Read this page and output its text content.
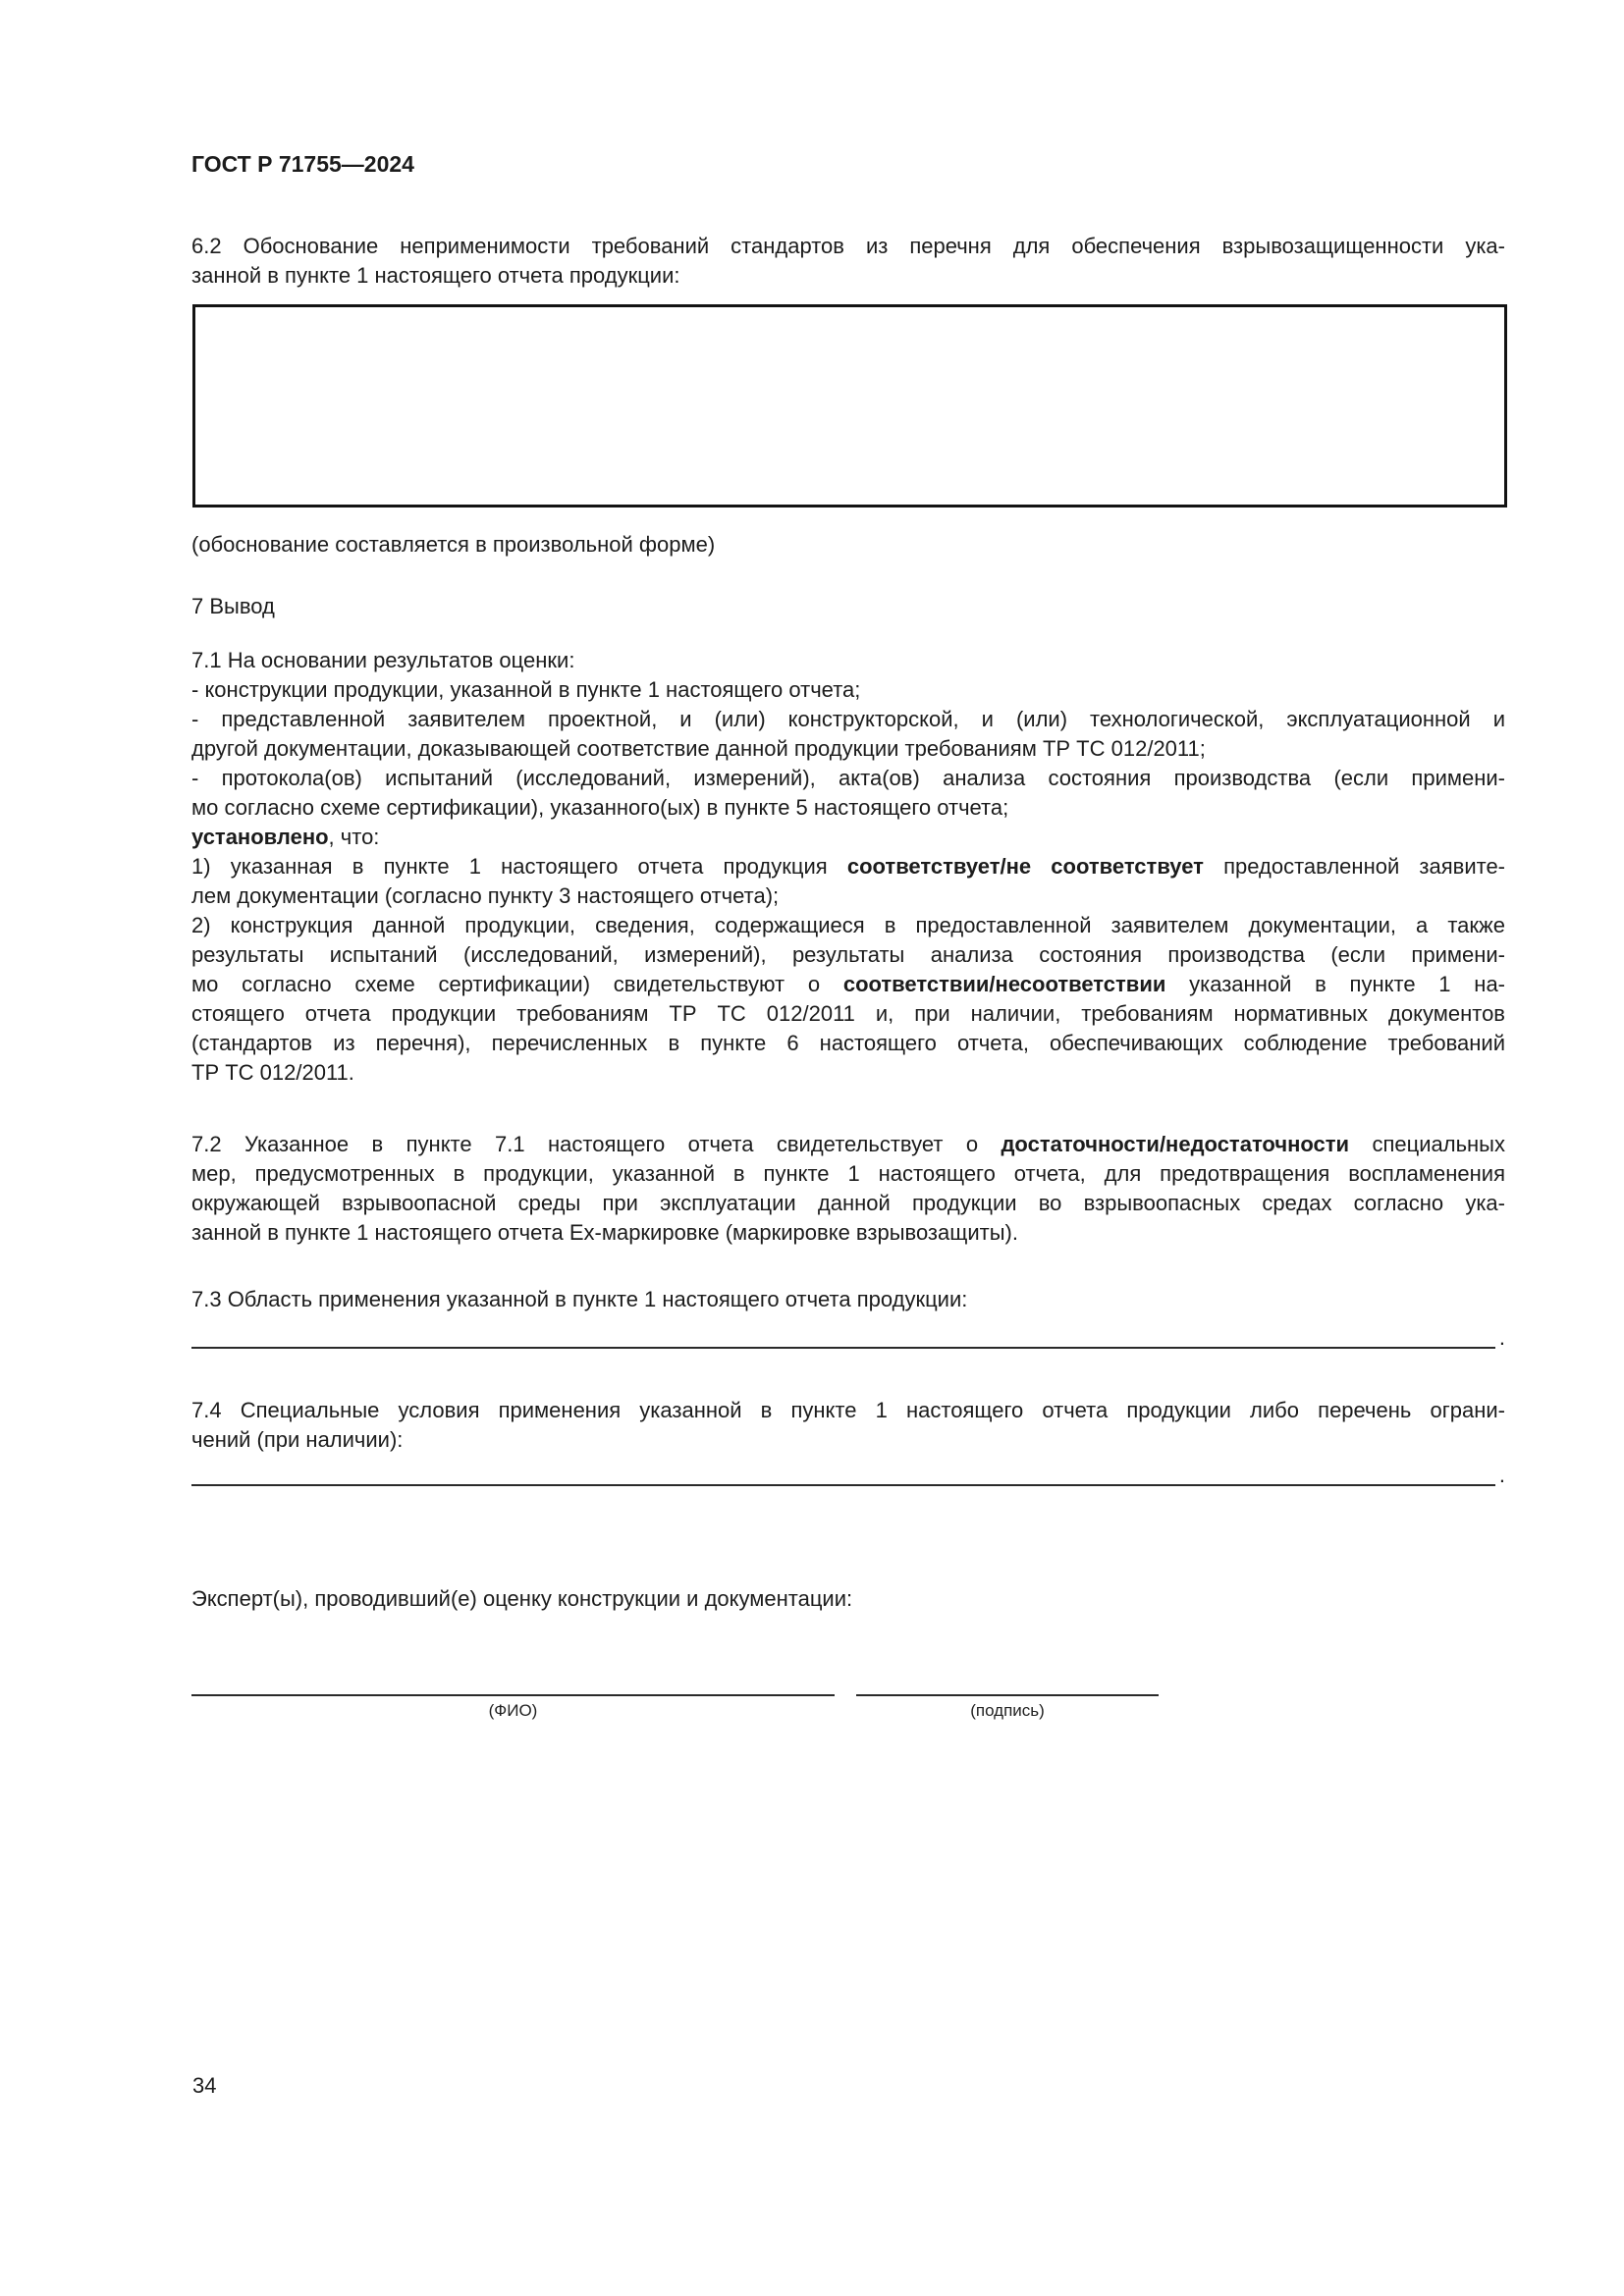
ГОСТ Р 71755—2024
6.2 Обоснование неприменимости требований стандартов из перечня для обеспечения взрывозащищенности ука-
занной в пункте 1 настоящего отчета продукции:
(обоснование составляется в произвольной форме)
7 Вывод
7.1 На основании результатов оценки:
- конструкции продукции, указанной в пункте 1 настоящего отчета;
- представленной заявителем проектной, и (или) конструкторской, и (или) технологической, эксплуатационной и
другой документации, доказывающей соответствие данной продукции требованиям ТР ТС 012/2011;
- протокола(ов) испытаний (исследований, измерений), акта(ов) анализа состояния производства (если примени-
мо согласно схеме сертификации), указанного(ых) в пункте 5 настоящего отчета;
установлено, что:
1) указанная в пункте 1 настоящего отчета продукция соответствует/не соответствует предоставленной заявите-
лем документации (согласно пункту 3 настоящего отчета);
2) конструкция данной продукции, сведения, содержащиеся в предоставленной заявителем документации, а также
результаты испытаний (исследований, измерений), результаты анализа состояния производства (если примени-
мо согласно схеме сертификации) свидетельствуют о соответствии/несоответствии указанной в пункте 1 на-
стоящего отчета продукции требованиям ТР ТС 012/2011 и, при наличии, требованиям нормативных документов
(стандартов из перечня), перечисленных в пункте 6 настоящего отчета, обеспечивающих соблюдение требований
ТР ТС 012/2011.
7.2 Указанное в пункте 7.1 настоящего отчета свидетельствует о достаточности/недостаточности специальных
мер, предусмотренных в продукции, указанной в пункте 1 настоящего отчета, для предотвращения воспламенения
окружающей взрывоопасной среды при эксплуатации данной продукции во взрывоопасных средах согласно ука-
занной в пункте 1 настоящего отчета Ех-маркировке (маркировке взрывозащиты).
7.3 Область применения указанной в пункте 1 настоящего отчета продукции:
.
7.4 Специальные условия применения указанной в пункте 1 настоящего отчета продукции либо перечень ограни-
чений (при наличии):
.
Эксперт(ы), проводивший(е) оценку конструкции и документации:
(ФИО)	(подпись)
34
